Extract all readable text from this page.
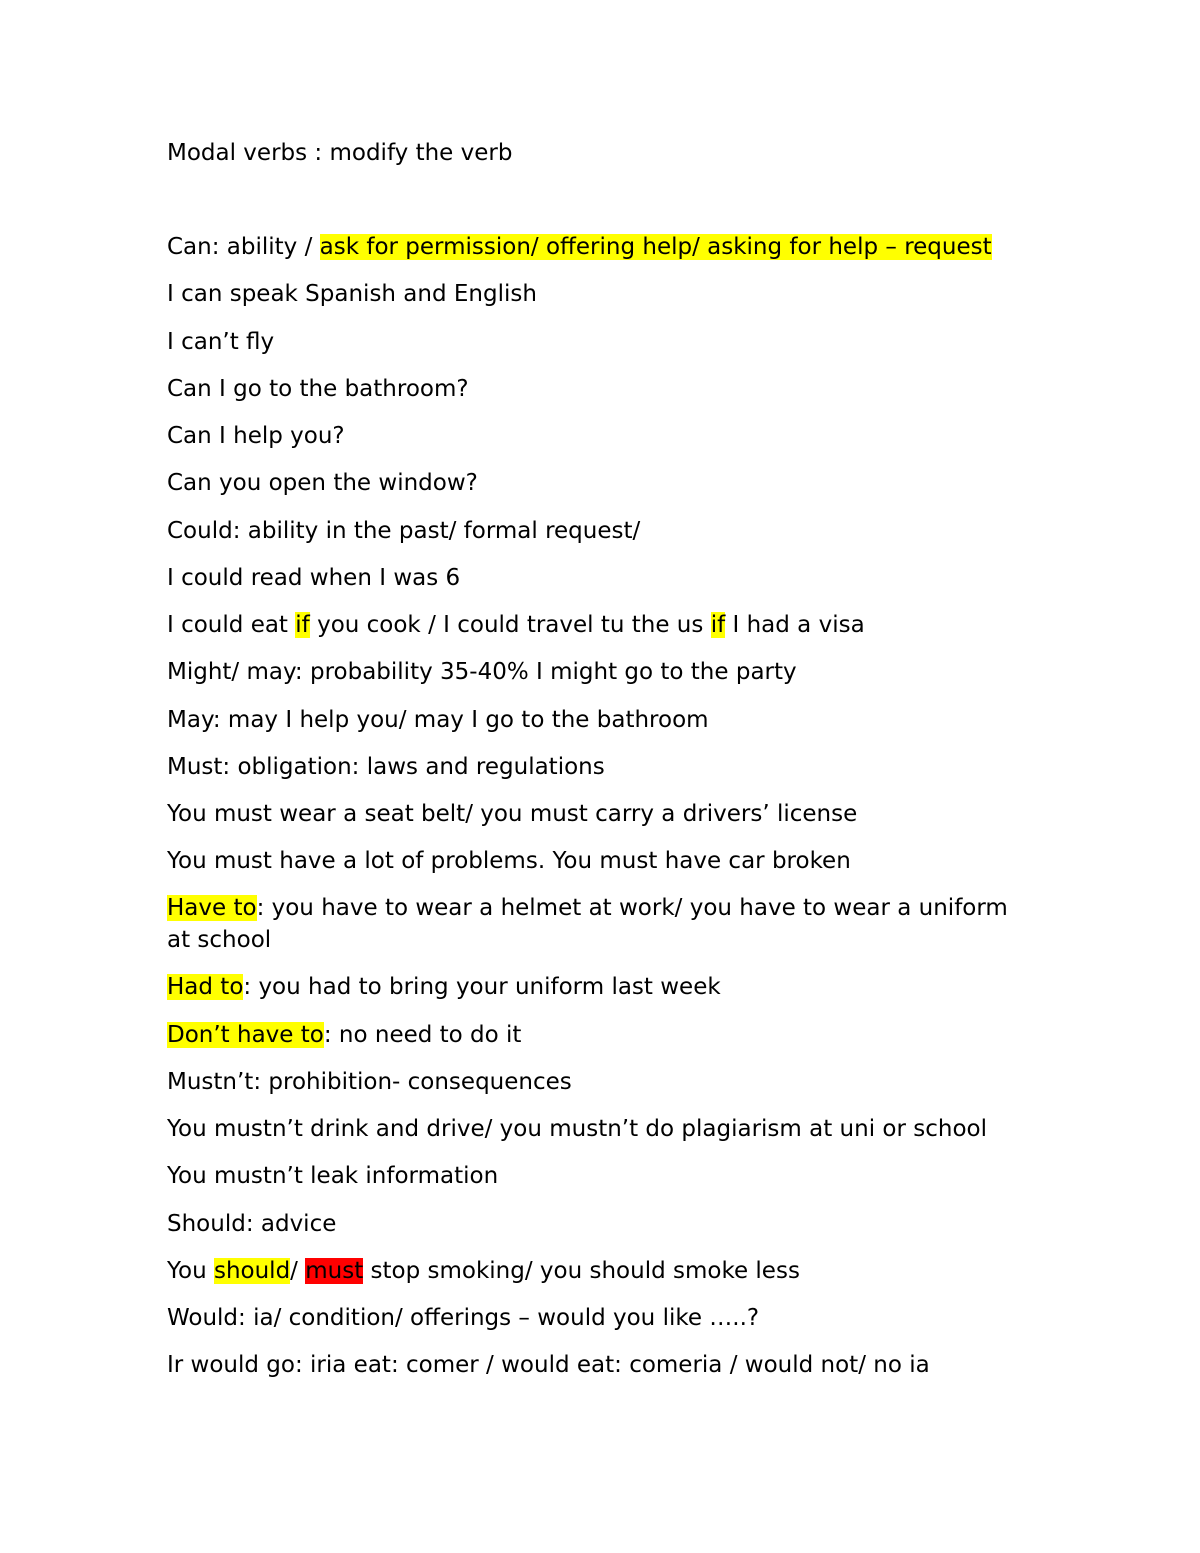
Modal verbs : modify the verb
Can: ability / ask for permission/ offering help/ asking for help – request
I can speak Spanish and English
I can’t fly
Can I go to the bathroom?
Can I help you?
Can you open the window?
Could: ability in the past/ formal request/
I could read when I was 6
I could eat if you cook / I could travel tu the us if I had a visa
Might/ may: probability 35-40% I might go to the party
May: may I help you/ may I go to the bathroom
Must: obligation: laws and regulations
You must wear a seat belt/ you must carry a drivers’ license
You must have a lot of problems. You must have car broken
Have to: you have to wear a helmet at work/ you have to wear a uniform at school
Had to: you had to bring your uniform last week
Don’t have to: no need to do it
Mustn’t: prohibition- consequences
You mustn’t drink and drive/ you mustn’t do plagiarism at uni or school
You mustn’t leak information
Should: advice
You should/ must stop smoking/ you should smoke less
Would: ia/ condition/ offerings – would you like …..?
Ir would go: iria eat: comer / would eat: comeria / would not/ no ia
